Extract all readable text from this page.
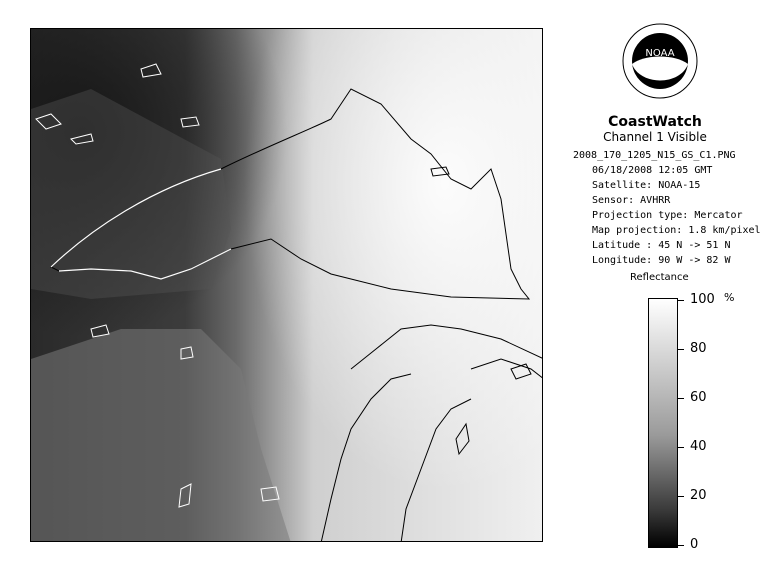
NOAA
CoastWatch
Channel 1 Visible
2008_170_1205_N15_GS_C1.PNG
06/18/2008 12:05 GMT
Satellite: NOAA-15
Sensor: AVHRR
Projection type: Mercator
Map projection: 1.8 km/pixel
Latitude : 45 N -> 51 N
Longitude: 90 W -> 82 W
Reflectance
%
100
80
60
40
20
0
